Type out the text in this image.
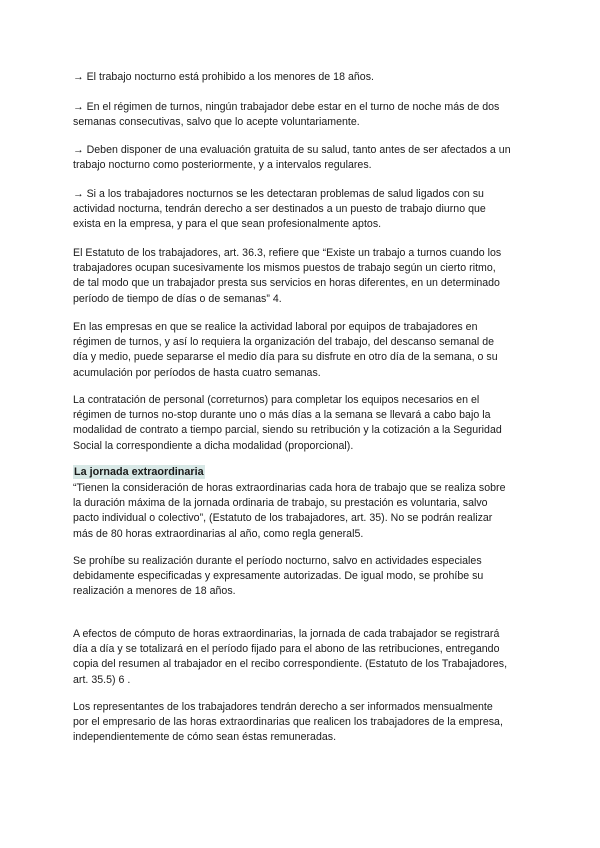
→ El trabajo nocturno está prohibido a los menores de 18 años.

→ En el régimen de turnos, ningún trabajador debe estar en el turno de noche más de dos
semanas consecutivas, salvo que lo acepte voluntariamente.

→ Deben disponer de una evaluación gratuita de su salud, tanto antes de ser afectados a un
trabajo nocturno como posteriormente, y a intervalos regulares.

→ Si a los trabajadores nocturnos se les detectaran problemas de salud ligados con su
actividad nocturna, tendrán derecho a ser destinados a un puesto de trabajo diurno que
exista en la empresa, y para el que sean profesionalmente aptos.

El Estatuto de los trabajadores, art. 36.3, refiere que “Existe un trabajo a turnos cuando los
trabajadores ocupan sucesivamente los mismos puestos de trabajo según un cierto ritmo,
de tal modo que un trabajador presta sus servicios en horas diferentes, en un determinado
período de tiempo de días o de semanas” 4.

En las empresas en que se realice la actividad laboral por equipos de trabajadores en
régimen de turnos, y así lo requiera la organización del trabajo, del descanso semanal de
día y medio, puede separarse el medio día para su disfrute en otro día de la semana, o su
acumulación por períodos de hasta cuatro semanas.

La contratación de personal (correturnos) para completar los equipos necesarios en el
régimen de turnos no-stop durante uno o más días a la semana se llevará a cabo bajo la
modalidad de contrato a tiempo parcial, siendo su retribución y la cotización a la Seguridad
Social la correspondiente a dicha modalidad (proporcional).

La jornada extraordinaria

“Tienen la consideración de horas extraordinarias cada hora de trabajo que se realiza sobre
la duración máxima de la jornada ordinaria de trabajo, su prestación es voluntaria, salvo
pacto individual o colectivo”, (Estatuto de los trabajadores, art. 35). No se podrán realizar
más de 80 horas extraordinarias al año, como regla general5.

Se prohíbe su realización durante el período nocturno, salvo en actividades especiales
debidamente especificadas y expresamente autorizadas. De igual modo, se prohíbe su
realización a menores de 18 años.

A efectos de cómputo de horas extraordinarias, la jornada de cada trabajador se registrará
día a día y se totalizará en el período fijado para el abono de las retribuciones, entregando
copia del resumen al trabajador en el recibo correspondiente. (Estatuto de los Trabajadores,
art. 35.5) 6 .

Los representantes de los trabajadores tendrán derecho a ser informados mensualmente
por el empresario de las horas extraordinarias que realicen los trabajadores de la empresa,
independientemente de cómo sean éstas remuneradas.
